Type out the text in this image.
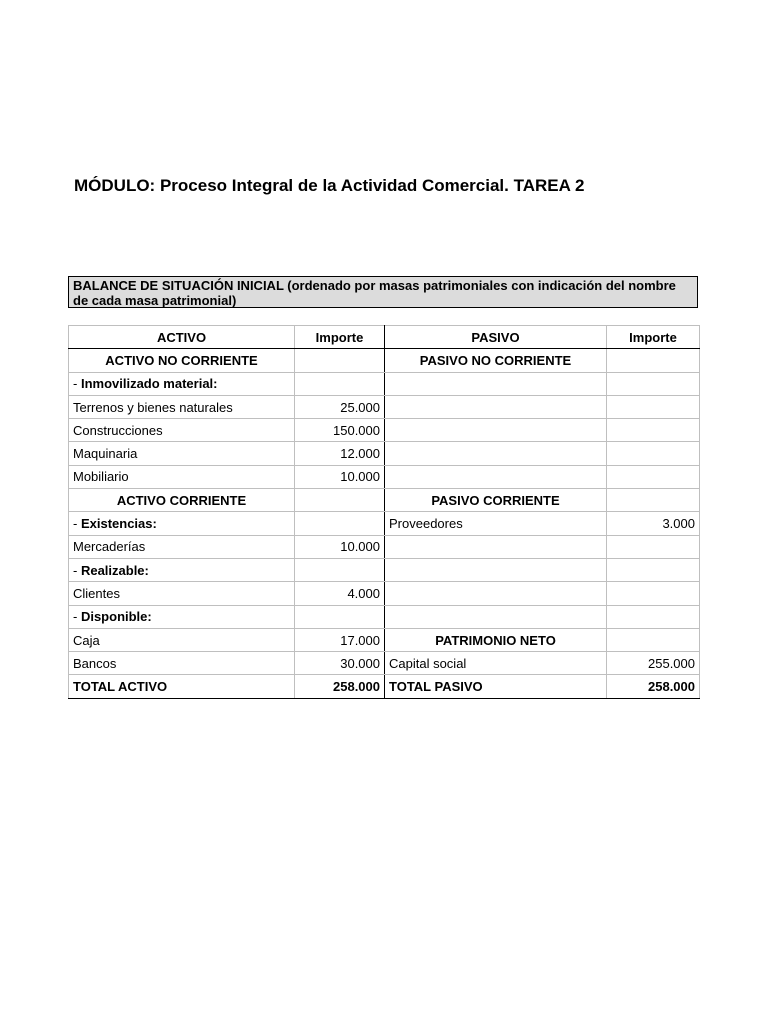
MÓDULO: Proceso Integral de la Actividad Comercial. TAREA 2
BALANCE DE SITUACIÓN INICIAL (ordenado por masas patrimoniales con indicación del nombre de cada masa patrimonial)
ACTIVO	Importe	PASIVO	Importe
ACTIVO NO CORRIENTE		PASIVO NO CORRIENTE	
- Inmovilizado material:			
Terrenos y bienes naturales	25.000		
Construcciones	150.000		
Maquinaria	12.000		
Mobiliario	10.000		
ACTIVO CORRIENTE		PASIVO CORRIENTE	
- Existencias:		Proveedores	3.000
Mercaderías	10.000		
- Realizable:			
Clientes	4.000		
- Disponible:			
Caja	17.000	PATRIMONIO NETO	
Bancos	30.000	Capital social	255.000
TOTAL ACTIVO	258.000	TOTAL PASIVO	258.000
